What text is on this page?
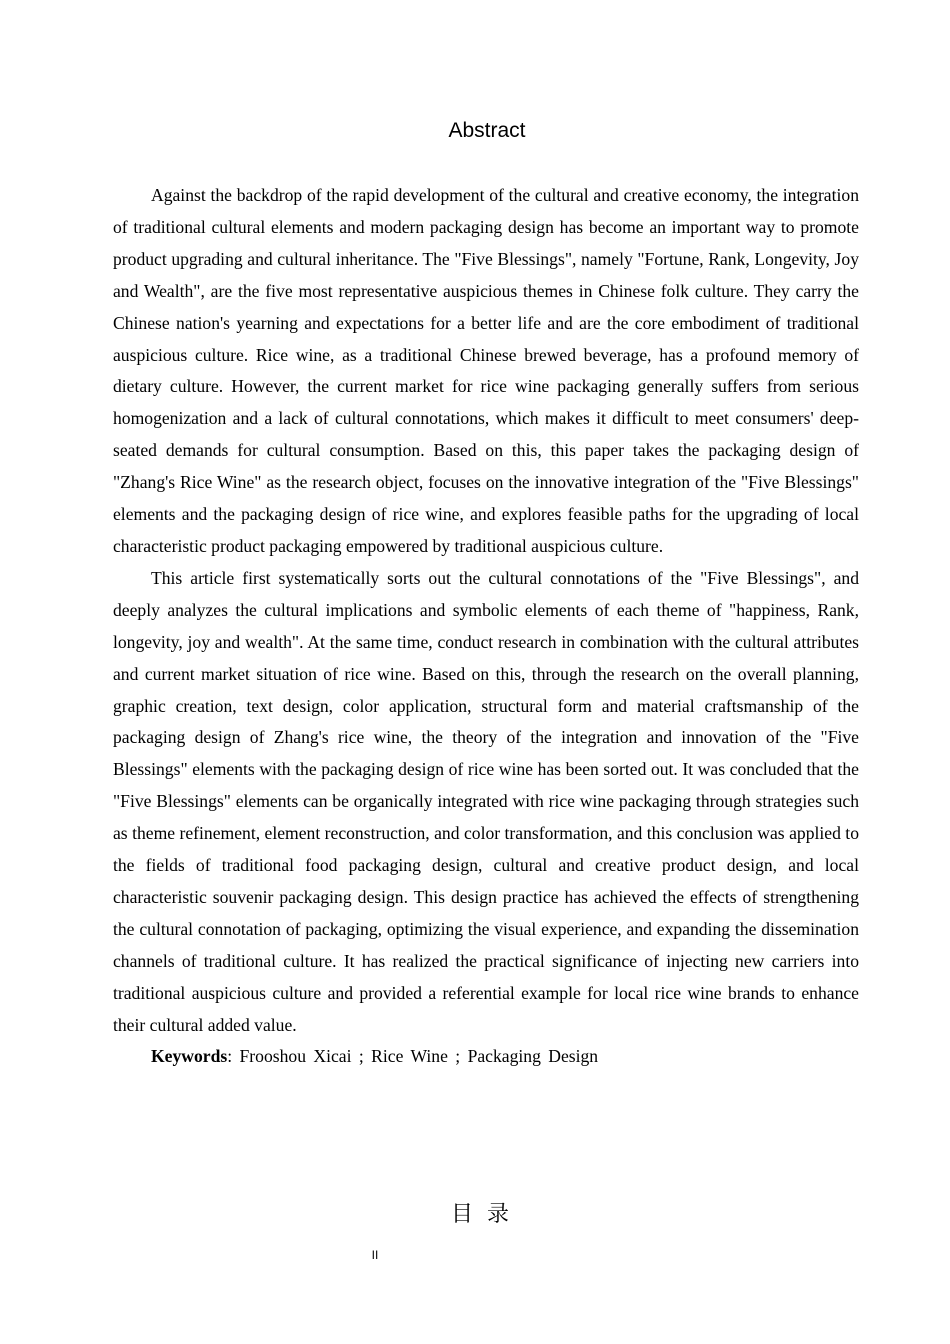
Abstract

Against the backdrop of the rapid development of the cultural and creative economy, the integration of traditional cultural elements and modern packaging design has become an important way to promote product upgrading and cultural inheritance. The "Five Blessings", namely "Fortune, Rank, Longevity, Joy and Wealth", are the five most representative auspicious themes in Chinese folk culture. They carry the Chinese nation's yearning and expectations for a better life and are the core embodiment of traditional auspicious culture. Rice wine, as a traditional Chinese brewed beverage, has a profound memory of dietary culture. However, the current market for rice wine packaging generally suffers from serious homogenization and a lack of cultural connotations, which makes it difficult to meet consumers' deep-seated demands for cultural consumption. Based on this, this paper takes the packaging design of "Zhang's Rice Wine" as the research object, focuses on the innovative integration of the "Five Blessings" elements and the packaging design of rice wine, and explores feasible paths for the upgrading of local characteristic product packaging empowered by traditional auspicious culture.

This article first systematically sorts out the cultural connotations of the "Five Blessings", and deeply analyzes the cultural implications and symbolic elements of each theme of "happiness, Rank, longevity, joy and wealth". At the same time, conduct research in combination with the cultural attributes and current market situation of rice wine. Based on this, through the research on the overall planning, graphic creation, text design, color application, structural form and material craftsmanship of the packaging design of Zhang's rice wine, the theory of the integration and innovation of the "Five Blessings" elements with the packaging design of rice wine has been sorted out. It was concluded that the "Five Blessings" elements can be organically integrated with rice wine packaging through strategies such as theme refinement, element reconstruction, and color transformation, and this conclusion was applied to the fields of traditional food packaging design, cultural and creative product design, and local characteristic souvenir packaging design. This design practice has achieved the effects of strengthening the cultural connotation of packaging, optimizing the visual experience, and expanding the dissemination channels of traditional culture. It has realized the practical significance of injecting new carriers into traditional auspicious culture and provided a referential example for local rice wine brands to enhance their cultural added value.

Keywords: Frooshou Xicai ; Rice Wine ; Packaging Design

目录
II
